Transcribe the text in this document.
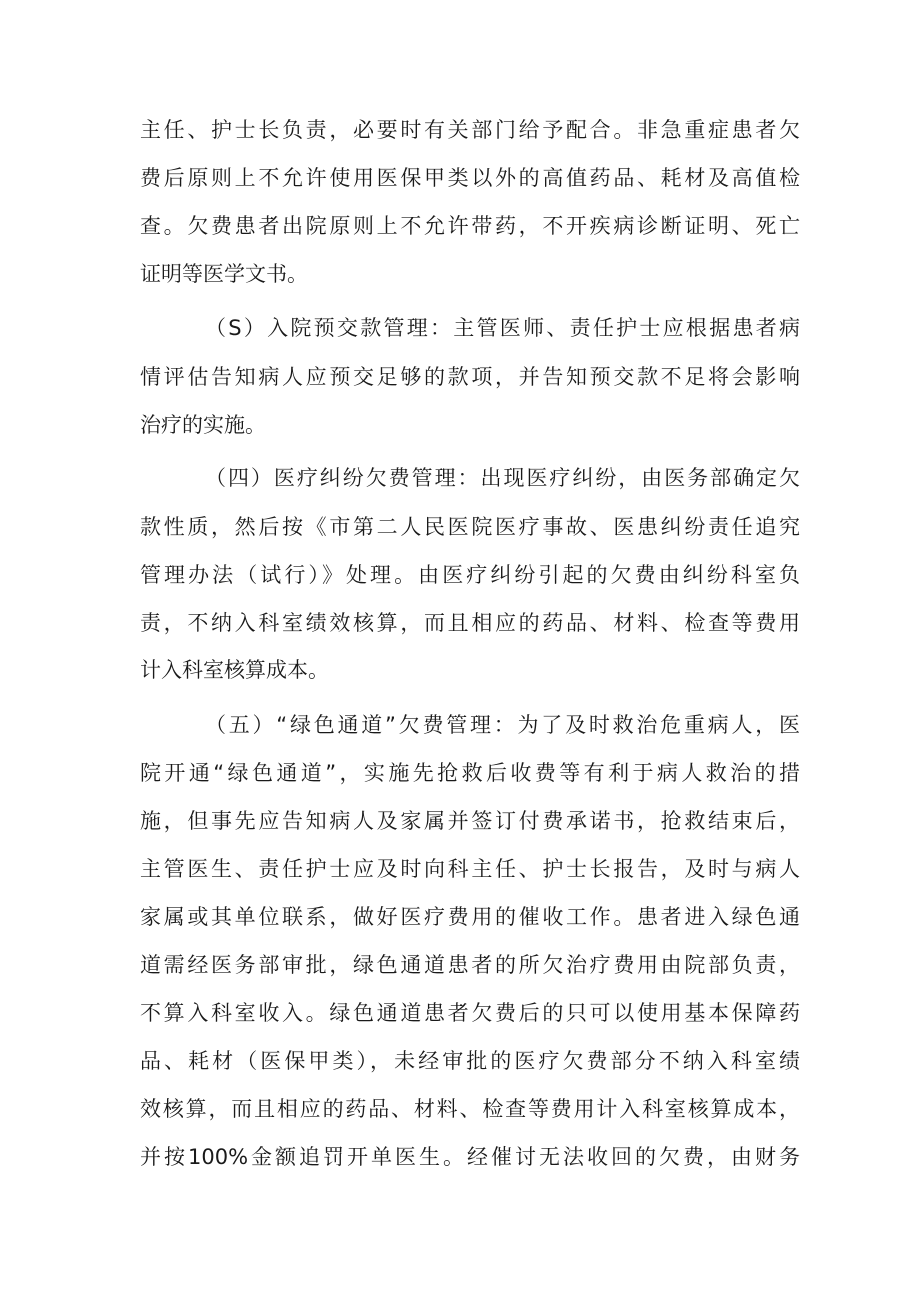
主任、护士长负责，必要时有关部门给予配合。非急重症患者欠

费后原则上不允许使用医保甲类以外的高值药品、耗材及高值检

查。欠费患者出院原则上不允许带药，不开疾病诊断证明、死亡

证明等医学文书。

（S）入院预交款管理：主管医师、责任护士应根据患者病

情评估告知病人应预交足够的款项，并告知预交款不足将会影响

治疗的实施。

（四）医疗纠纷欠费管理：出现医疗纠纷，由医务部确定欠

款性质，然后按《市第二人民医院医疗事故、医患纠纷责任追究

管理办法（试行）》处理。由医疗纠纷引起的欠费由纠纷科室负

责，不纳入科室绩效核算，而且相应的药品、材料、检查等费用

计入科室核算成本。

（五）“绿色通道”欠费管理：为了及时救治危重病人，医

院开通“绿色通道”，实施先抢救后收费等有利于病人救治的措

施，但事先应告知病人及家属并签订付费承诺书，抢救结束后，

主管医生、责任护士应及时向科主任、护士长报告，及时与病人

家属或其单位联系，做好医疗费用的催收工作。患者进入绿色通

道需经医务部审批，绿色通道患者的所欠治疗费用由院部负责，

不算入科室收入。绿色通道患者欠费后的只可以使用基本保障药

品、耗材（医保甲类），未经审批的医疗欠费部分不纳入科室绩

效核算，而且相应的药品、材料、检查等费用计入科室核算成本，

并按100%金额追罚开单医生。经催讨无法收回的欠费，由财务
